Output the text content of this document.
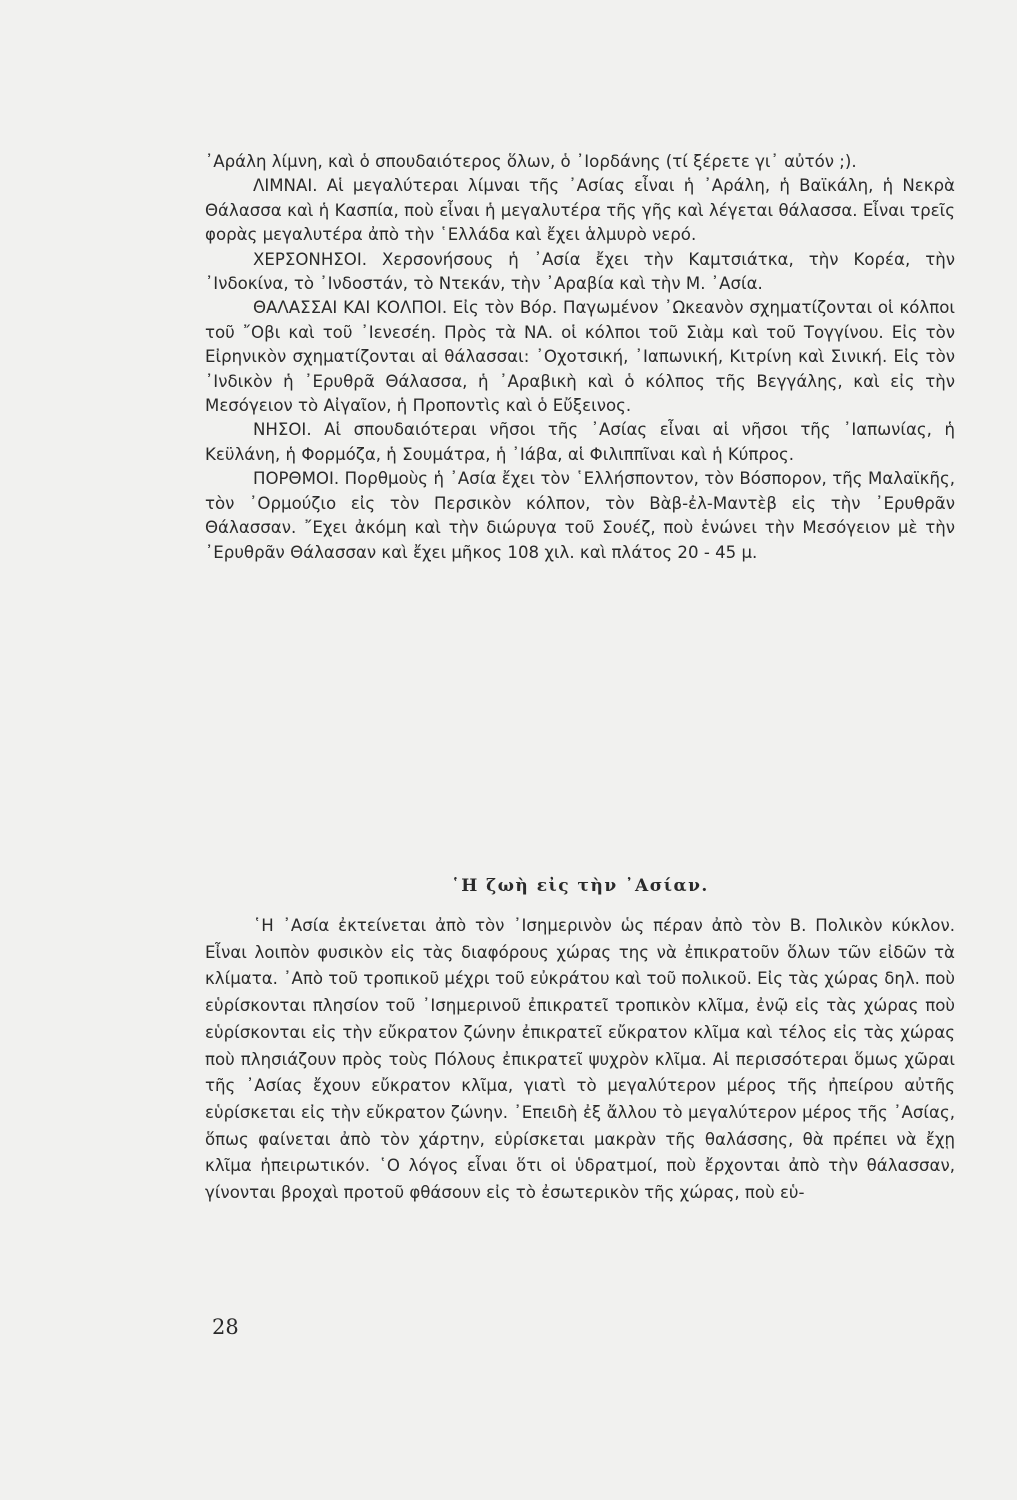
᾿Αράλη λίμνη, καὶ ὁ σπουδαιότερος ὅλων, ὁ ᾿Ιορδάνης (τί ξέρετε γι᾿ αὐτόν ;).

ΛΙΜΝΑΙ. Αἱ μεγαλύτεραι λίμναι τῆς ᾿Ασίας εἶναι ἡ ᾿Αράλη, ἡ Βαϊκάλη, ἡ Νεκρὰ Θάλασσα καὶ ἡ Κασπία, ποὺ εἶναι ἡ μεγαλυτέρα τῆς γῆς καὶ λέγεται θάλασσα. Εἶναι τρεῖς φορὰς μεγαλυτέρα ἀπὸ τὴν ῾Ελλάδα καὶ ἔχει ἁλμυρὸ νερό.

ΧΕΡΣΟΝΗΣΟΙ. Χερσονήσους ἡ ᾿Ασία ἔχει τὴν Καμτσιάτκα, τὴν Κορέα, τὴν ᾿Ινδοκίνα, τὸ ᾿Ινδοστάν, τὸ Ντεκάν, τὴν ᾿Αραβία καὶ τὴν Μ. ᾿Ασία.

ΘΑΛΑΣΣΑΙ ΚΑΙ ΚΟΛΠΟΙ. Εἰς τὸν Βόρ. Παγωμένον ᾿Ωκεανὸν σχηματίζονται οἱ κόλποι τοῦ ῎Οβι καὶ τοῦ ᾿Ιενεσέη. Πρὸς τὰ ΝΑ. οἱ κόλποι τοῦ Σιὰμ καὶ τοῦ Τογγίνου. Εἰς τὸν Εἰρηνικὸν σχηματίζονται αἱ θάλασσαι: ᾿Οχοτσική, ᾿Ιαπωνική, Κιτρίνη καὶ Σινική. Εἰς τὸν ᾿Ινδικὸν ἡ ᾿Ερυθρᾶ Θάλασσα, ἡ ᾿Αραβικὴ καὶ ὁ κόλπος τῆς Βεγγάλης, καὶ εἰς τὴν Μεσόγειον τὸ Αἰγαῖον, ἡ Προποντὶς καὶ ὁ Εὔξεινος.

ΝΗΣΟΙ. Αἱ σπουδαιότεραι νῆσοι τῆς ᾿Ασίας εἶναι αἱ νῆσοι τῆς ᾿Ιαπωνίας, ἡ Κεϋλάνη, ἡ Φορμόζα, ἡ Σουμάτρα, ἡ ᾿Ιάβα, αἱ Φιλιππῖναι καὶ ἡ Κύπρος.

ΠΟΡΘΜΟΙ. Πορθμοὺς ἡ ᾿Ασία ἔχει τὸν ῾Ελλήσποντον, τὸν Βόσπορον, τῆς Μαλαϊκῆς, τὸν ᾿Ορμούζιο εἰς τὸν Περσικὸν κόλπον, τὸν Βὰβ-ἐλ-Μαντὲβ εἰς τὴν ᾿Ερυθρᾶν Θάλασσαν. ῎Εχει ἀκόμη καὶ τὴν διώρυγα τοῦ Σουέζ, ποὺ ἑνώνει τὴν Μεσόγειον μὲ τὴν ᾿Ερυθρᾶν Θάλασσαν καὶ ἔχει μῆκος 108 χιλ. καὶ πλάτος 20 - 45 μ.

῾Η ζωὴ εἰς τὴν ᾿Ασίαν.

῾Η ᾿Ασία ἐκτείνεται ἀπὸ τὸν ᾿Ισημερινὸν ὡς πέραν ἀπὸ τὸν Β. Πολικὸν κύκλον. Εἶναι λοιπὸν φυσικὸν εἰς τὰς διαφόρους χώρας της νὰ ἐπικρατοῦν ὅλων τῶν εἰδῶν τὰ κλίματα. ᾿Απὸ τοῦ τροπικοῦ μέχρι τοῦ εὐκράτου καὶ τοῦ πολικοῦ. Εἰς τὰς χώρας δηλ. ποὺ εὑρίσκονται πλησίον τοῦ ᾿Ισημερινοῦ ἐπικρατεῖ τροπικὸν κλῖμα, ἐνῷ εἰς τὰς χώρας ποὺ εὑρίσκονται εἰς τὴν εὔκρατον ζώνην ἐπικρατεῖ εὔκρατον κλῖμα καὶ τέλος εἰς τὰς χώρας ποὺ πλησιάζουν πρὸς τοὺς Πόλους ἐπικρατεῖ ψυχρὸν κλῖμα. Αἱ περισσότεραι ὅμως χῶραι τῆς ᾿Ασίας ἔχουν εὔκρατον κλῖμα, γιατὶ τὸ μεγαλύτερον μέρος τῆς ἠπείρου αὐτῆς εὑρίσκεται εἰς τὴν εὔκρατον ζώνην. ᾿Επειδὴ ἐξ ἄλλου τὸ μεγαλύτερον μέρος τῆς ᾿Ασίας, ὅπως φαίνεται ἀπὸ τὸν χάρτην, εὑρίσκεται μακρὰν τῆς θαλάσσης, θὰ πρέπει νὰ ἔχῃ κλῖμα ἠπειρωτικόν. ῾Ο λόγος εἶναι ὅτι οἱ ὑδρατμοί, ποὺ ἔρχονται ἀπὸ τὴν θάλασσαν, γίνονται βροχαὶ προτοῦ φθάσουν εἰς τὸ ἐσωτερικὸν τῆς χώρας, ποὺ εὑ-

28
